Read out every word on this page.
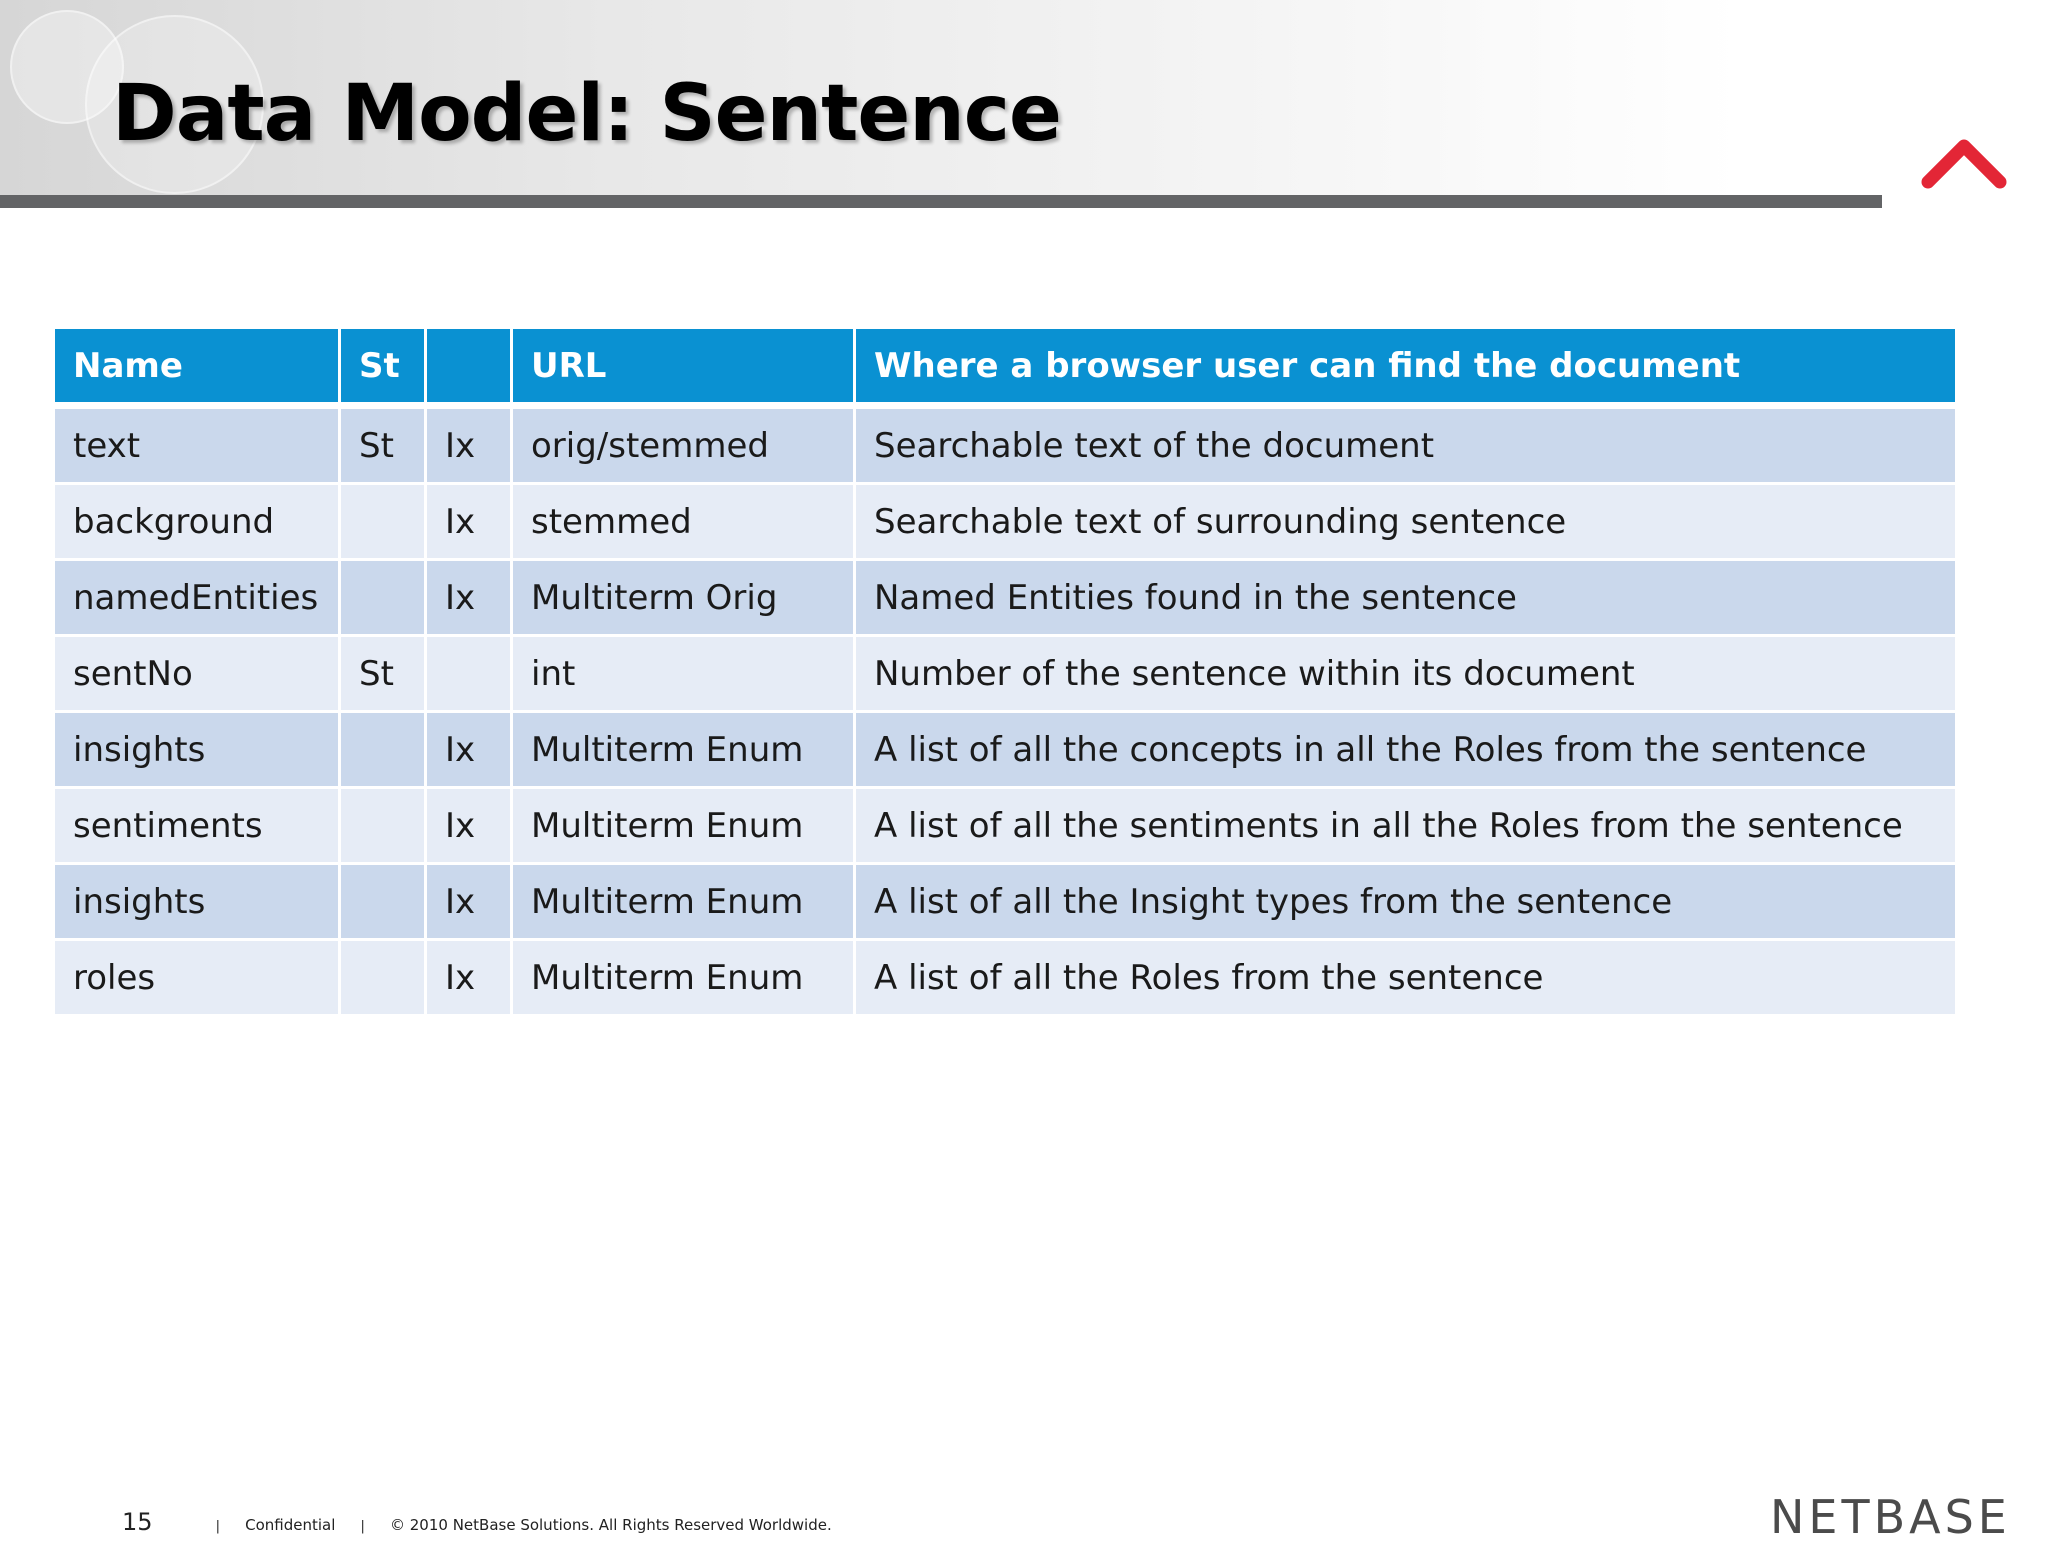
Data Model: Sentence
Name	St		URL	Where a browser user can find the document
text	St	Ix	orig/stemmed	Searchable text of the document
background		Ix	stemmed	Searchable text of surrounding sentence
namedEntities		Ix	Multiterm Orig	Named Entities found in the sentence
sentNo	St		int	Number of the sentence within its document
insights		Ix	Multiterm Enum	A list of all the concepts in all the Roles from the sentence
sentiments		Ix	Multiterm Enum	A list of all the sentiments in all the Roles from the sentence
insights		Ix	Multiterm Enum	A list of all the Insight types from the sentence
roles		Ix	Multiterm Enum	A list of all the Roles from the sentence
15	| Confidential | © 2010 NetBase Solutions. All Rights Reserved Worldwide.	NETBASE
